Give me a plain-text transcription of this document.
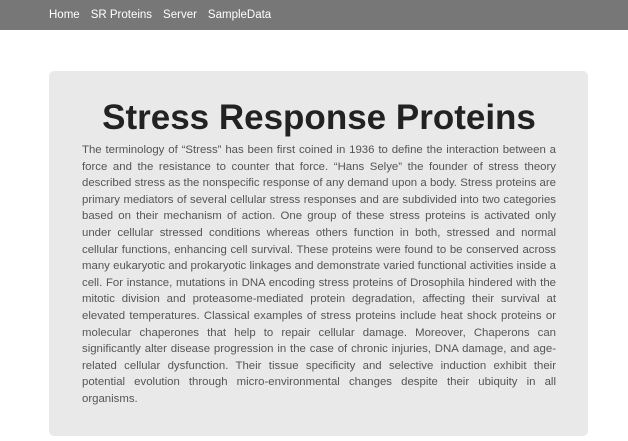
Home SR Proteins Server SampleData
Stress Response Proteins

The terminology of “Stress” has been first coined in 1936 to define the interaction between a force and the resistance to counter that force. “Hans Selye” the founder of stress theory described stress as the nonspecific response of any demand upon a body. Stress proteins are primary mediators of several cellular stress responses and are subdivided into two categories based on their mechanism of action. One group of these stress proteins is activated only under cellular stressed conditions whereas others function in both, stressed and normal cellular functions, enhancing cell survival. These proteins were found to be conserved across many eukaryotic and prokaryotic linkages and demonstrate varied functional activities inside a cell. For instance, mutations in DNA encoding stress proteins of Drosophila hindered with the mitotic division and proteasome-mediated protein degradation, affecting their survival at elevated temperatures. Classical examples of stress proteins include heat shock proteins or molecular chaperones that help to repair cellular damage. Moreover, Chaperons can significantly alter disease progression in the case of chronic injuries, DNA damage, and age-related cellular dysfunction. Their tissue specificity and selective induction exhibit their potential evolution through micro-environmental changes despite their ubiquity in all organisms.
